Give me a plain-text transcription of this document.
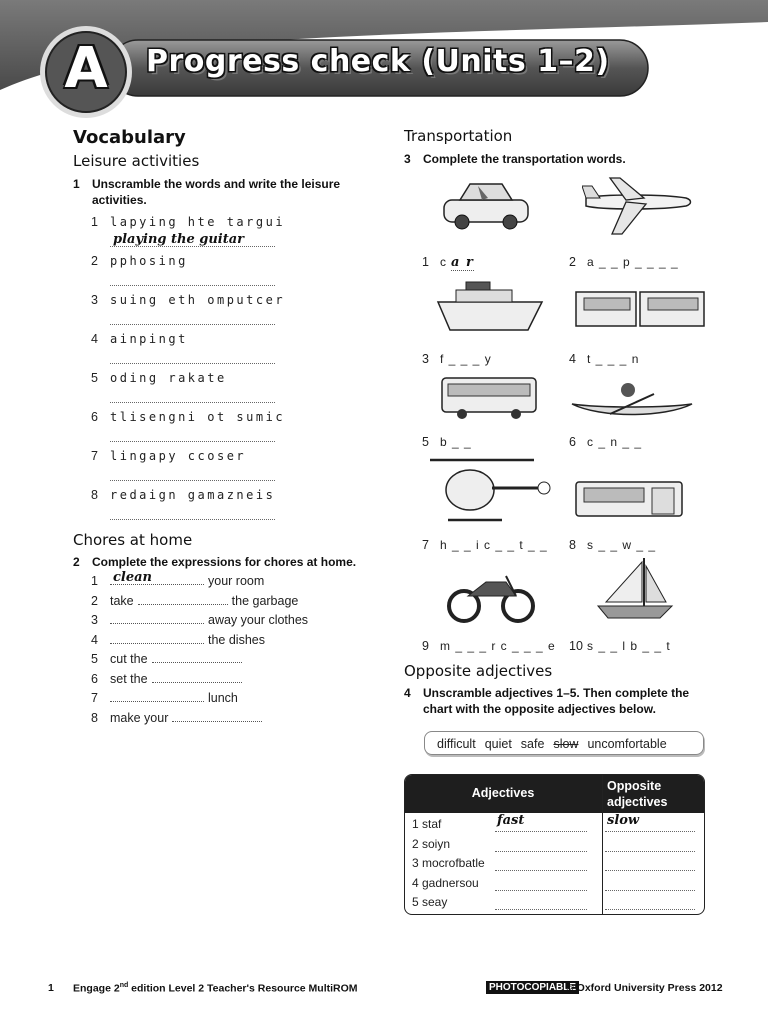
A Progress check (Units 1–2)
Vocabulary
Leisure activities
1 Unscramble the words and write the leisure activities.
1 lapying hte targui
playing the guitar
2 pphosing
3 suing eth omputcer
4 ainpingt
5 oding rakate
6 tlisengni ot sumic
7 lingapy ccoser
8 redaign gamazneis
Chores at home
2 Complete the expressions for chores at home.
1 clean	your room
2 take	the garbage
3	away your clothes
4	the dishes
5 cut the
6 set the
7	lunch
8 make your
Transportation
3 Complete the transportation words.
1 c a r	2 a _ _ p _ _ _ _
3 f _ _ _ y	4 t _ _ _ n
5 b _ _	6 c _ n _ _
7 h _ _ i c _ _ t _ _ 8 s _ _ w _ _
9 m _ _ _ r c _ _ _ e 10 s _ _ l b _ _ t
Opposite adjectives
4 Unscramble adjectives 1–5. Then complete the chart with the opposite adjectives below.
difficult quiet safe slow uncomfortable
Adjectives	Opposite adjectives
1 staf	fast	slow
2 soiyn
3 mocrofbatle
4 gadnersou
5 seay
1 Engage 2nd edition Level 2 Teacher's Resource MultiROM	PHOTOCOPIABLE
© Oxford University Press 2012
